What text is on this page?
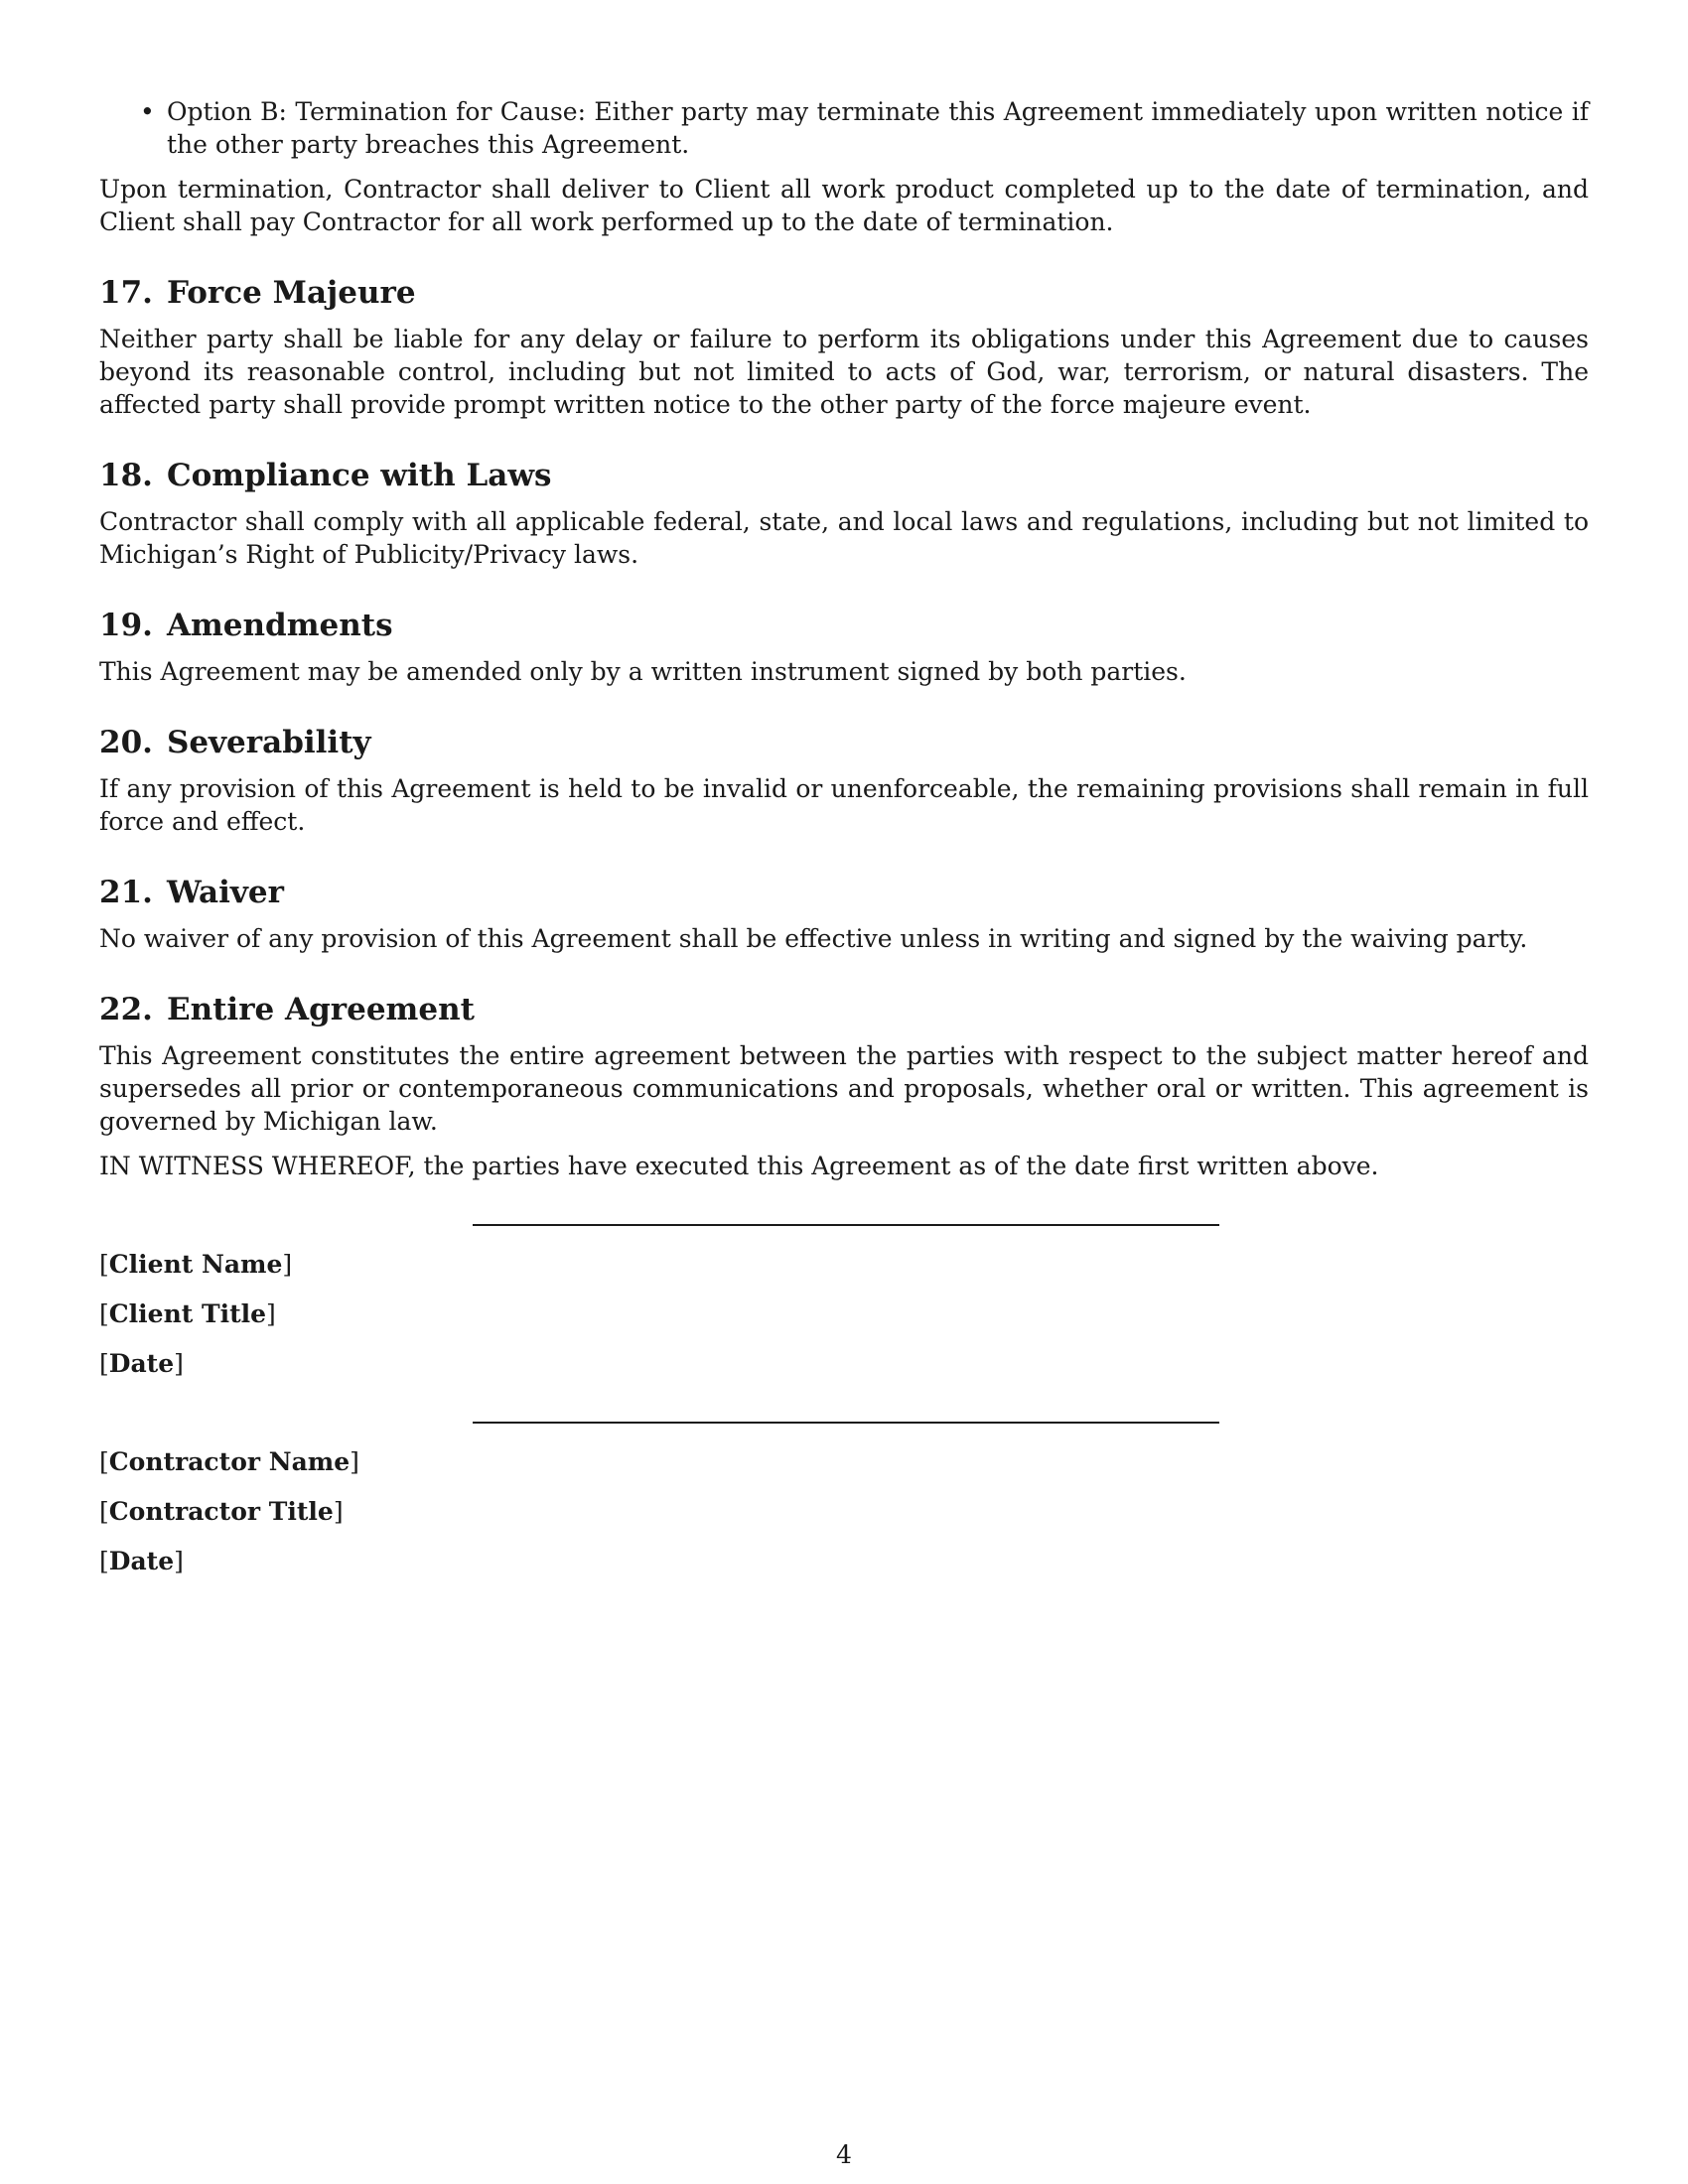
• Option B: Termination for Cause: Either party may terminate this Agreement immediately upon written notice if the other party breaches this Agreement.

Upon termination, Contractor shall deliver to Client all work product completed up to the date of termination, and Client shall pay Contractor for all work performed up to the date of termination.

17. Force Majeure

Neither party shall be liable for any delay or failure to perform its obligations under this Agreement due to causes beyond its reasonable control, including but not limited to acts of God, war, terrorism, or natural disasters. The affected party shall provide prompt written notice to the other party of the force majeure event.

18. Compliance with Laws

Contractor shall comply with all applicable federal, state, and local laws and regulations, including but not limited to Michigan’s Right of Publicity/Privacy laws.

19. Amendments

This Agreement may be amended only by a written instrument signed by both parties.

20. Severability

If any provision of this Agreement is held to be invalid or unenforceable, the remaining provisions shall remain in full force and effect.

21. Waiver

No waiver of any provision of this Agreement shall be effective unless in writing and signed by the waiving party.

22. Entire Agreement

This Agreement constitutes the entire agreement between the parties with respect to the subject matter hereof and supersedes all prior or contemporaneous communications and proposals, whether oral or written. This agreement is governed by Michigan law.

IN WITNESS WHEREOF, the parties have executed this Agreement as of the date first written above.

[Client Name]

[Client Title]

[Date]

[Contractor Name]

[Contractor Title]

[Date]

4
